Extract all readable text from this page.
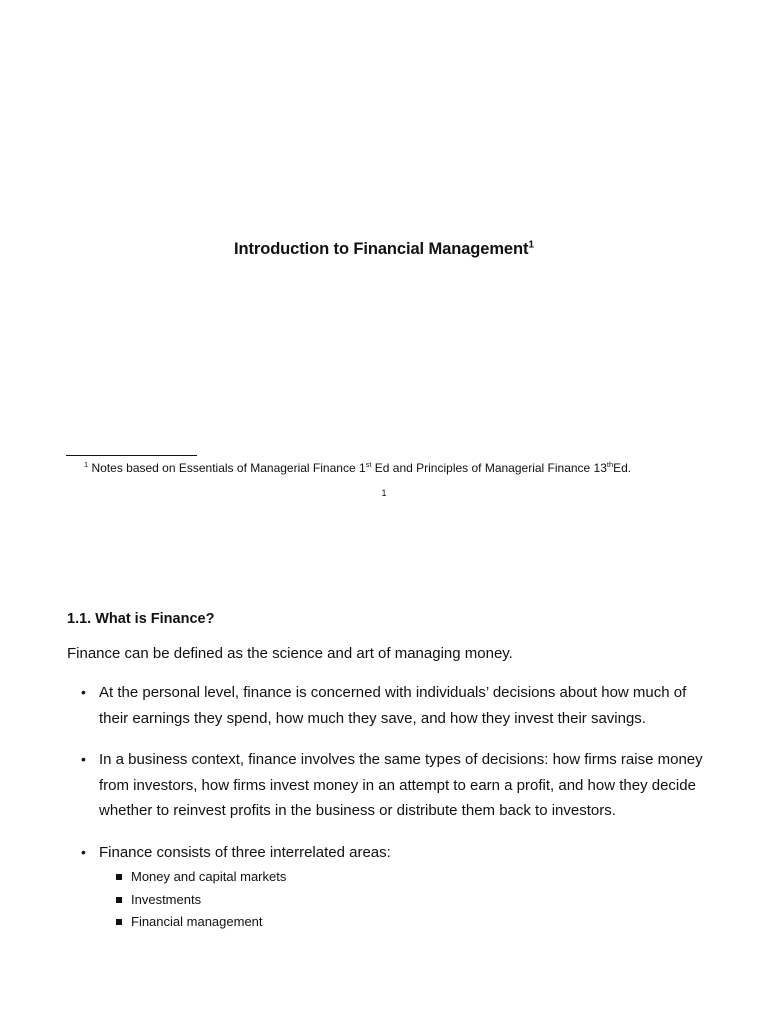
Introduction to Financial Management$^1$
$^1$ Notes based on Essentials of Managerial Finance 1st Ed and Principles of Managerial Finance 13thEd.
1
1.1. What is Finance?
Finance can be defined as the science and art of managing money.
• At the personal level, finance is concerned with individuals’ decisions about how much of their earnings they spend, how much they save, and how they invest their savings.
• In a business context, finance involves the same types of decisions: how firms raise money from investors, how firms invest money in an attempt to earn a profit, and how they decide whether to reinvest profits in the business or distribute them back to investors.
• Finance consists of three interrelated areas:
Money and capital markets
Investments
Financial management
